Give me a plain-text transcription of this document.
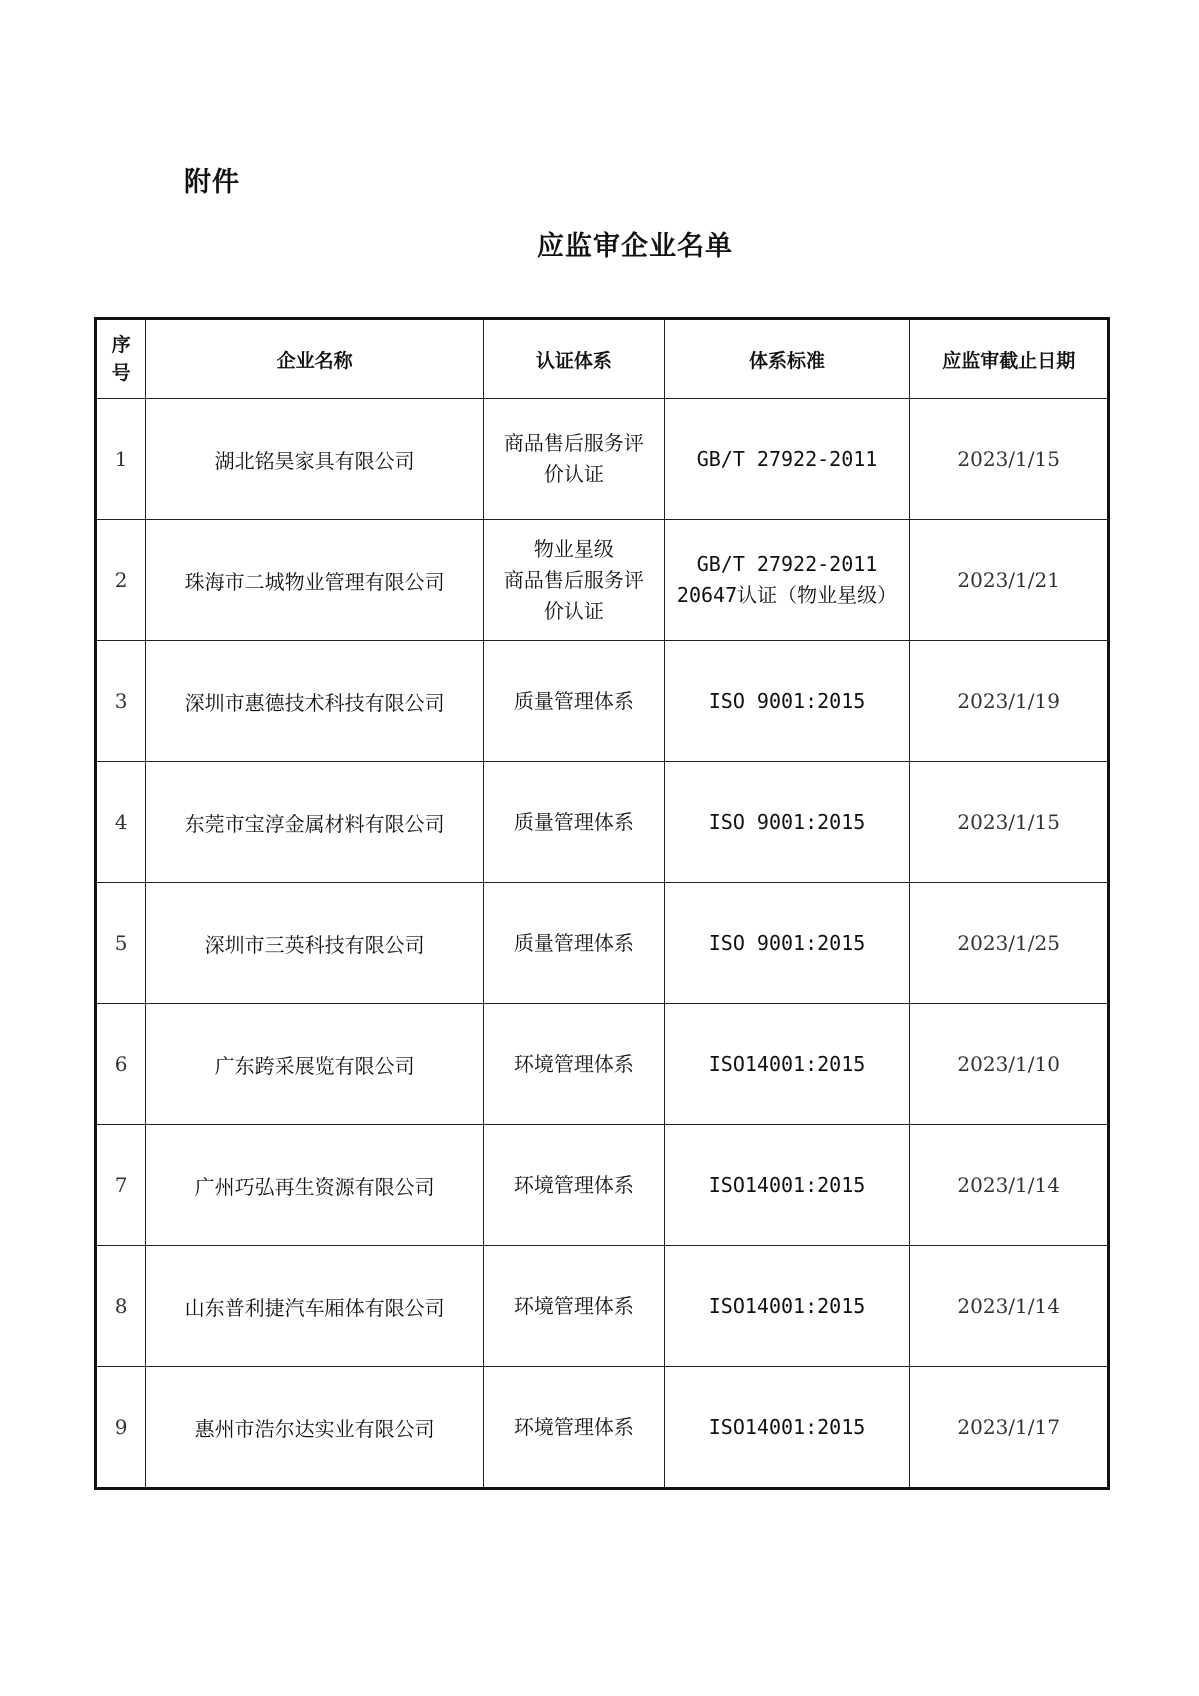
附件
应监审企业名单
序
号	企业名称	认证体系	体系标准	应监审截止日期
1	湖北铭昊家具有限公司	商品售后服务评
价认证	GB/T 27922-2011	2023/1/15
2	珠海市二城物业管理有限公司	物业星级
商品售后服务评
价认证	GB/T 27922-2011
20647认证（物业星级）	2023/1/21
3	深圳市惠德技术科技有限公司	质量管理体系	ISO 9001:2015	2023/1/19
4	东莞市宝淳金属材料有限公司	质量管理体系	ISO 9001:2015	2023/1/15
5	深圳市三英科技有限公司	质量管理体系	ISO 9001:2015	2023/1/25
6	广东跨采展览有限公司	环境管理体系	ISO14001:2015	2023/1/10
7	广州巧弘再生资源有限公司	环境管理体系	ISO14001:2015	2023/1/14
8	山东普利捷汽车厢体有限公司	环境管理体系	ISO14001:2015	2023/1/14
9	惠州市浩尔达实业有限公司	环境管理体系	ISO14001:2015	2023/1/17
